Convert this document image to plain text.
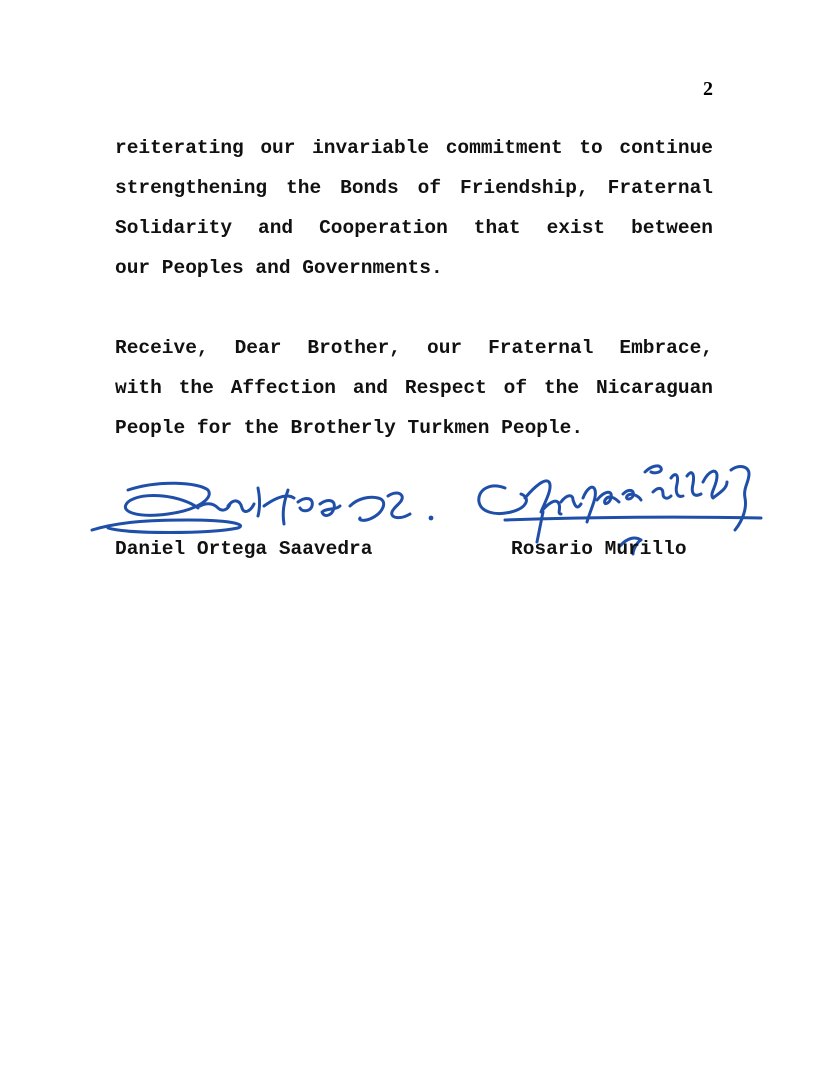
2
reiterating our invariable commitment to continue
strengthening the Bonds of Friendship, Fraternal
Solidarity and Cooperation that exist between
our Peoples and Governments.
Receive, Dear Brother, our Fraternal Embrace,
with the Affection and Respect of the Nicaraguan
People for the Brotherly Turkmen People.
Daniel Ortega Saavedra	Rosario Murillo
